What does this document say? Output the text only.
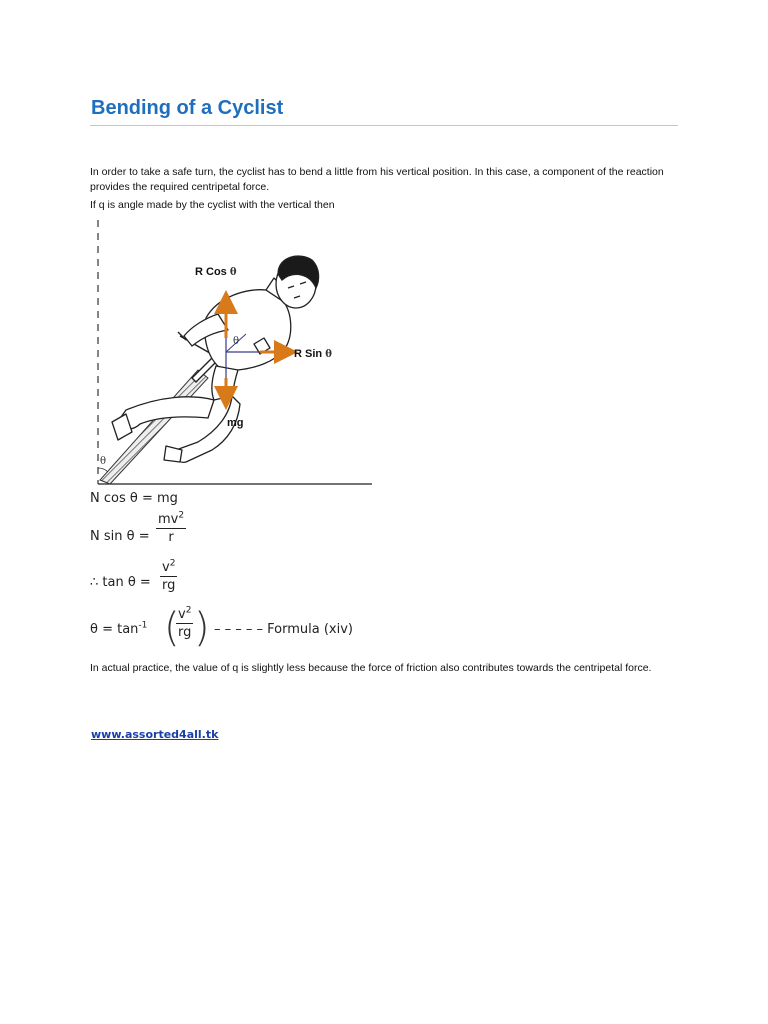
Bending of a Cyclist

In order to take a safe turn, the cyclist has to bend a little from his vertical position. In this case, a component of the reaction provides the required centripetal force.

If q is angle made by the cyclist with the vertical then

R Cos θ
R Sin θ
mg
θ
θ
N cos θ = mg
N $\sin \theta = \frac{mv^2}{r}$
∴ $\tan \theta = \frac{v^2}{rg}$
$\theta = \tan^{-1}$ (
$\frac{v^2}{rg}$ ) – – – – – Formula (xiv)

In actual practice, the value of q is slightly less because the force of friction also contributes towards the centripetal force.

www.assorted4all.tk
